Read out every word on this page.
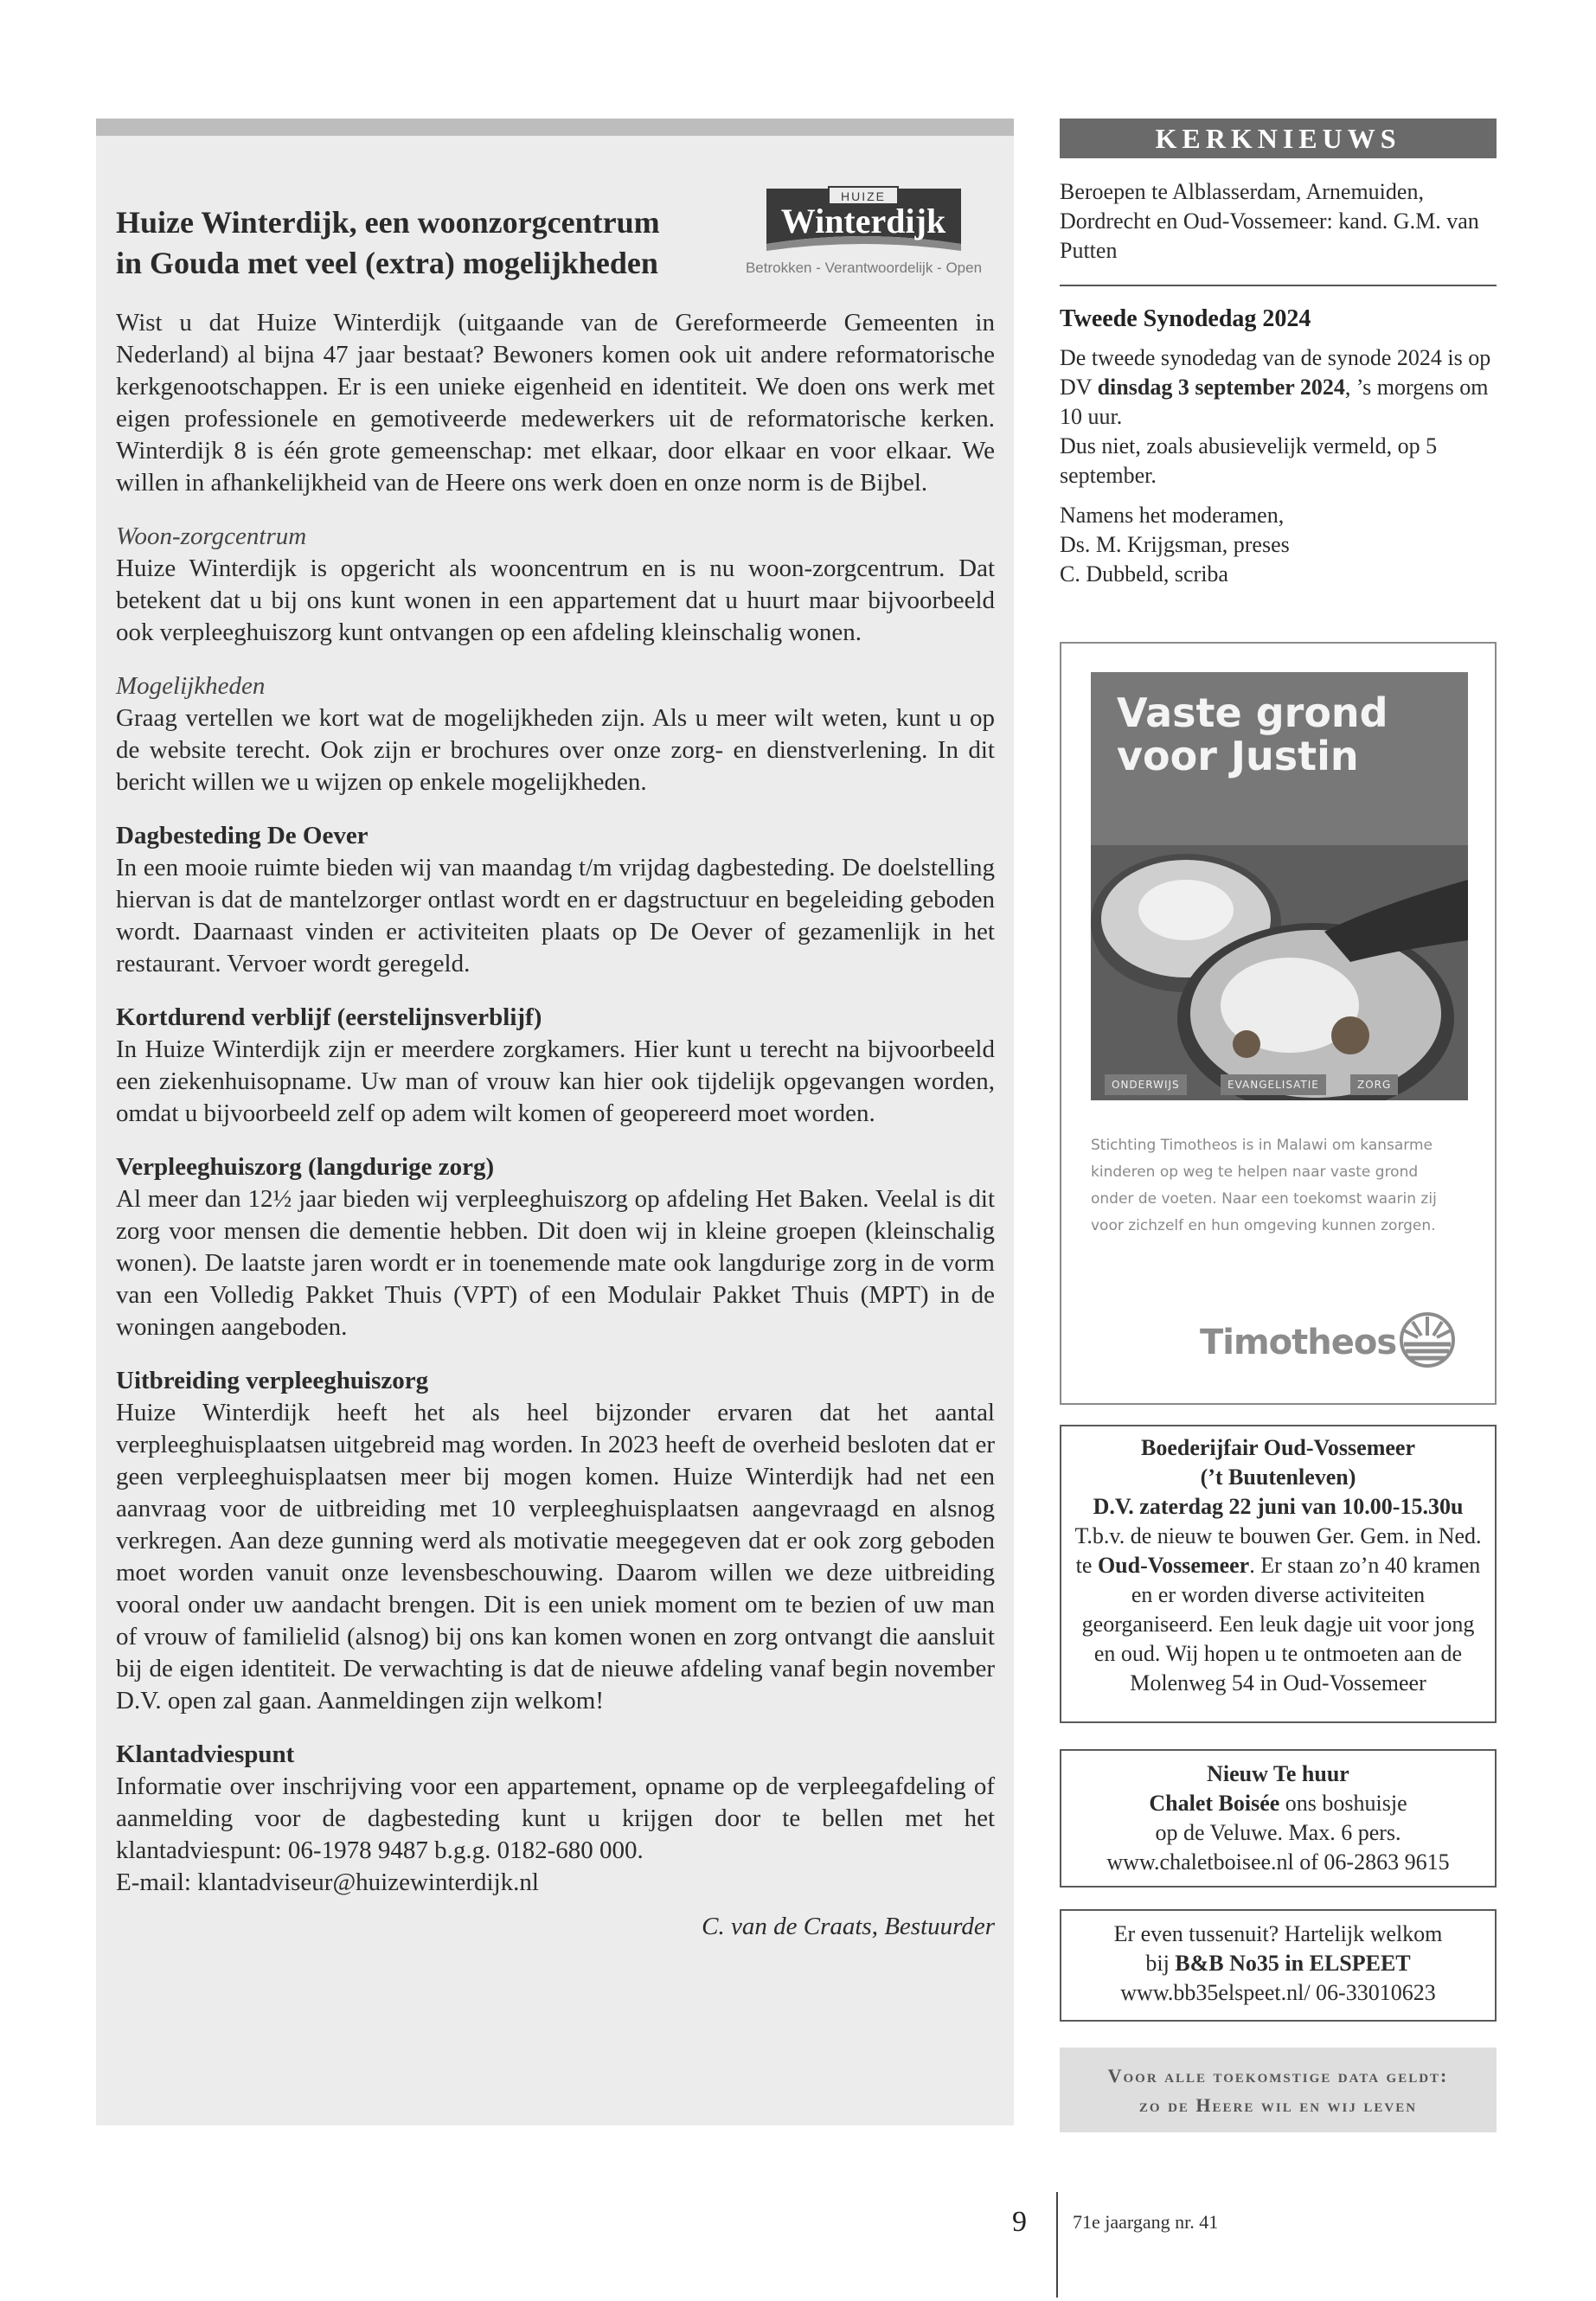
Huize Winterdijk, een woonzorgcentrum
in Gouda met veel (extra) mogelijkheden
HUIZE
Winterdijk
Betrokken - Verantwoordelijk - Open

Wist u dat Huize Winterdijk (uitgaande van de Gereformeerde Gemeenten in Nederland) al bijna 47 jaar bestaat? Bewoners komen ook uit andere reformatorische kerkgenootschappen. Er is een unieke eigenheid en identiteit. We doen ons werk met eigen professionele en gemotiveerde medewerkers uit de reformatorische kerken. Winterdijk 8 is één grote gemeenschap: met elkaar, door elkaar en voor elkaar. We willen in afhankelijkheid van de Heere ons werk doen en onze norm is de Bijbel.

Woon-zorgcentrum
Huize Winterdijk is opgericht als wooncentrum en is nu woon-zorgcentrum. Dat betekent dat u bij ons kunt wonen in een appartement dat u huurt maar bijvoorbeeld ook verpleeghuiszorg kunt ontvangen op een afdeling kleinschalig wonen.
Mogelijkheden
Graag vertellen we kort wat de mogelijkheden zijn. Als u meer wilt weten, kunt u op de website terecht. Ook zijn er brochures over onze zorg- en dienstverlening. In dit bericht willen we u wijzen op enkele mogelijkheden.
Dagbesteding De Oever
In een mooie ruimte bieden wij van maandag t/m vrijdag dagbesteding. De doelstelling hiervan is dat de mantelzorger ontlast wordt en er dagstructuur en begeleiding geboden wordt. Daarnaast vinden er activiteiten plaats op De Oever of gezamenlijk in het restaurant. Vervoer wordt geregeld.
Kortdurend verblijf (eerstelijnsverblijf)
In Huize Winterdijk zijn er meerdere zorgkamers. Hier kunt u terecht na bijvoorbeeld een ziekenhuisopname. Uw man of vrouw kan hier ook tijdelijk opgevangen worden, omdat u bijvoorbeeld zelf op adem wilt komen of geopereerd moet worden.
Verpleeghuiszorg (langdurige zorg)
Al meer dan 12½ jaar bieden wij verpleeghuiszorg op afdeling Het Baken. Veelal is dit zorg voor mensen die dementie hebben. Dit doen wij in kleine groepen (kleinschalig wonen). De laatste jaren wordt er in toenemende mate ook langdurige zorg in de vorm van een Volledig Pakket Thuis (VPT) of een Modulair Pakket Thuis (MPT) in de woningen aangeboden.
Uitbreiding verpleeghuiszorg
Huize Winterdijk heeft het als heel bijzonder ervaren dat het aantal verpleeghuisplaatsen uitgebreid mag worden. In 2023 heeft de overheid besloten dat er geen verpleeghuisplaatsen meer bij mogen komen. Huize Winterdijk had net een aanvraag voor de uitbreiding met 10 verpleeghuisplaatsen aangevraagd en alsnog verkregen. Aan deze gunning werd als motivatie meegegeven dat er ook zorg geboden moet worden vanuit onze levensbeschouwing. Daarom willen we deze uitbreiding vooral onder uw aandacht brengen. Dit is een uniek moment om te bezien of uw man of vrouw of familielid (alsnog) bij ons kan komen wonen en zorg ontvangt die aansluit bij de eigen identiteit. De verwachting is dat de nieuwe afdeling vanaf begin november D.V. open zal gaan. Aanmeldingen zijn welkom!
Klantadviespunt
Informatie over inschrijving voor een appartement, opname op de verpleegafdeling of aanmelding voor de dagbesteding kunt u krijgen door te bellen met het klantadviespunt: 06-1978 9487 b.g.g. 0182-680 000.
E-mail: klantadviseur@huizewinterdijk.nl
C. van de Craats, Bestuurder
KERKNIEUWS
Beroepen te Alblasserdam, Arnemuiden, Dordrecht en Oud-Vossemeer: kand. G.M. van Putten
Tweede Synodedag 2024
De tweede synodedag van de synode 2024 is op DV dinsdag 3 september 2024, ’s morgens om 10 uur.
Dus niet, zoals abusievelijk vermeld, op 5 september.
Namens het moderamen,
Ds. M. Krijgsman, preses
C. Dubbeld, scriba
Vaste grond
voor Justin
ONDERWIJS	EVANGELISATIE	ZORG
Stichting Timotheos is in Malawi om kansarme kinderen op weg te helpen naar vaste grond onder de voeten. Naar een toekomst waarin zij voor zichzelf en hun omgeving kunnen zorgen.
Timotheos
Boederijfair Oud-Vossemeer
(’t Buutenleven)
D.V. zaterdag 22 juni van 10.00-15.30u
T.b.v. de nieuw te bouwen Ger. Gem. in Ned. te Oud-Vossemeer. Er staan zo’n 40 kramen en er worden diverse activiteiten georganiseerd. Een leuk dagje uit voor jong en oud. Wij hopen u te ontmoeten aan de Molenweg 54 in Oud-Vossemeer
Nieuw Te huur
Chalet Boisée ons boshuisje
op de Veluwe. Max. 6 pers.
www.chaletboisee.nl of 06-2863 9615
Er even tussenuit? Hartelijk welkom
bij B&B No35 in ELSPEET
www.bb35elspeet.nl/ 06-33010623
Voor alle toekomstige data geldt:
zo de Heere wil en wij leven
9 71e jaargang nr. 41
